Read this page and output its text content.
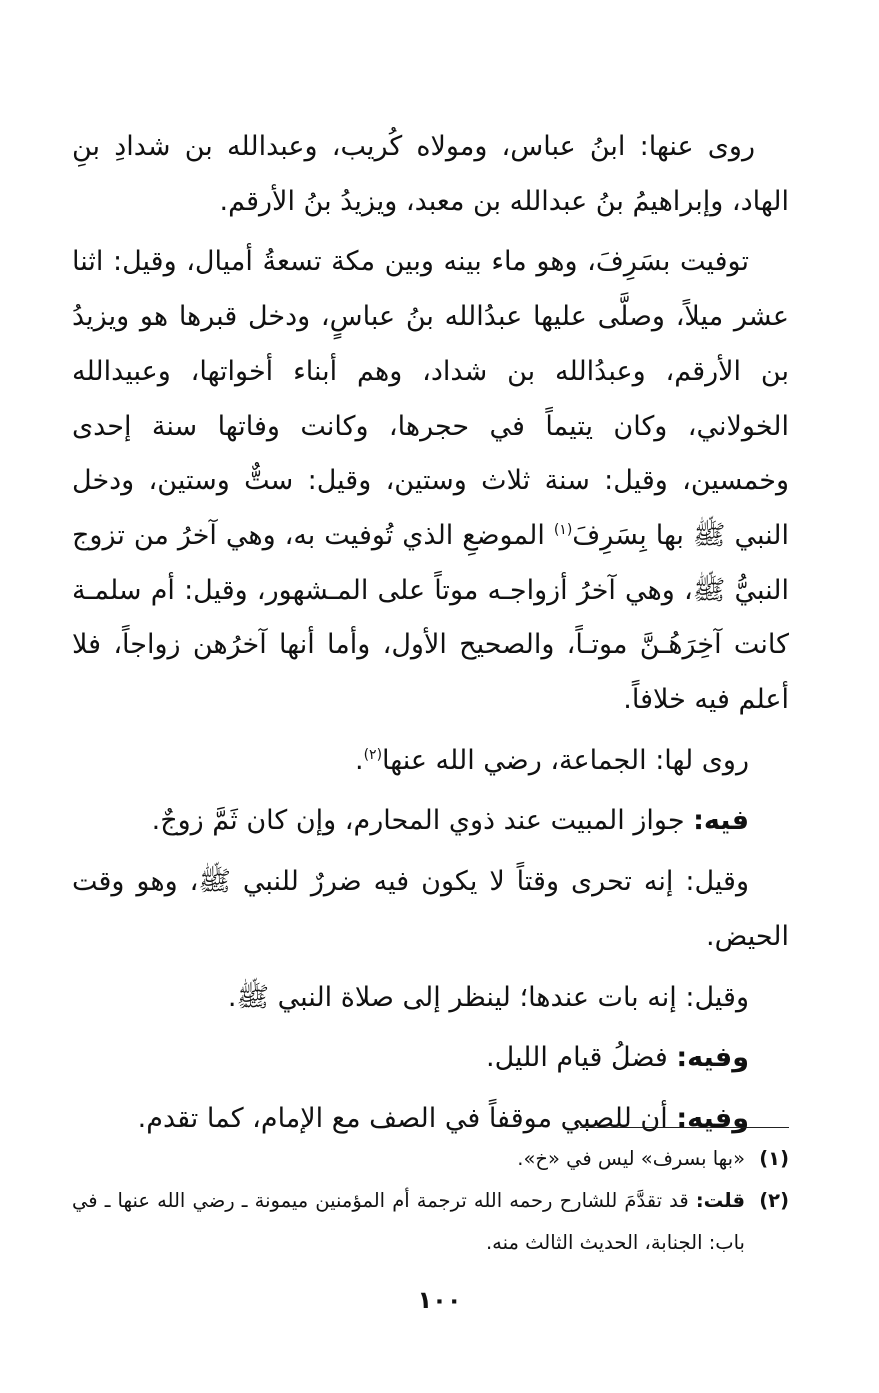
روى عنها: ابنُ عباس، ومولاه كُريب، وعبدالله بن شدادِ بنِ الهاد، وإبراهيمُ بنُ عبدالله بن معبد، ويزيدُ بنُ الأرقم.

توفيت بسَرِفَ، وهو ماء بينه وبين مكة تسعةُ أميال، وقيل: اثنا عشر ميلاً، وصلَّى عليها عبدُالله بنُ عباسٍ، ودخل قبرها هو ويزيدُ بن الأرقم، وعبدُالله بن شداد، وهم أبناء أخواتها، وعبيدالله الخولاني، وكان يتيماً في حجرها، وكانت وفاتها سنة إحدى وخمسين، وقيل: سنة ثلاث وستين، وقيل: ستٌّ وستين، ودخل النبي ﷺ بها بِسَرِفَ$^{(١)}$ الموضعِ الذي تُوفيت به، وهي آخرُ من تزوج النبيُّ ﷺ، وهي آخرُ أزواجـه موتاً على المـشهور، وقيل: أم سلمـة كانت آخِرَهُـنَّ موتـاً، والصحيح الأول، وأما أنها آخرُهن زواجاً، فلا أعلم فيه خلافاً.

روى لها: الجماعة، رضي الله عنها$^{(٢)}$.

فيه: جواز المبيت عند ذوي المحارم، وإن كان ثَمَّ زوجٌ.

وقيل: إنه تحرى وقتاً لا يكون فيه ضررٌ للنبي ﷺ، وهو وقت الحيض.

وقيل: إنه بات عندها؛ لينظر إلى صلاة النبي ﷺ.

وفيه: فضلُ قيام الليل.

وفيه: أن للصبي موقفاً في الصف مع الإمام، كما تقدم.

(١)
«بها بسرف» ليس في «خ».

(٢)
قلت: قد تقدَّمَ للشارح رحمه الله ترجمة أم المؤمنين ميمونة ـ رضي الله عنها ـ في باب: الجنابة، الحديث الثالث منه.

١٠٠
